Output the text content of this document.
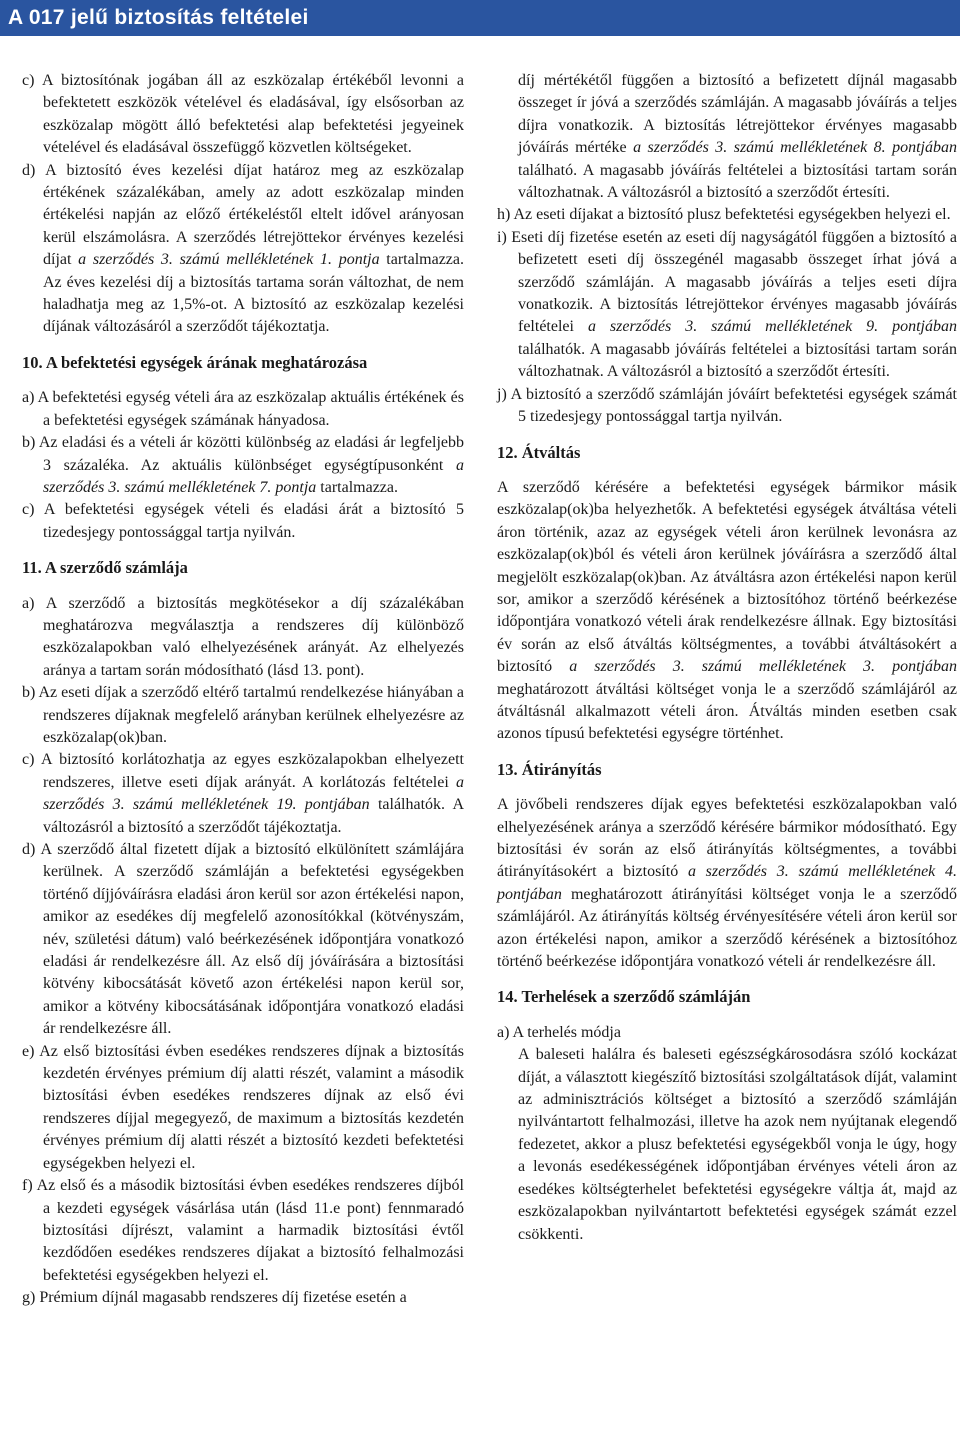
A 017 jelű biztosítás feltételei

c) A biztosítónak jogában áll az eszközalap értékéből levonni a befektetett eszközök vételével és eladásával, így elsősorban az eszközalap mögött álló befektetési alap befektetési jegyeinek vételével és eladásával összefüggő közvetlen költségeket.

d) A biztosító éves kezelési díjat határoz meg az eszközalap értékének százalékában, amely az adott eszközalap minden értékelési napján az előző értékeléstől eltelt idővel arányosan kerül elszámolásra. A szerződés létrejöttekor érvényes kezelési díjat a szerződés 3. számú mellékletének 1. pontja tartalmazza. Az éves kezelési díj a biztosítás tartama során változhat, de nem haladhatja meg az 1,5%-ot. A biztosító az eszközalap kezelési díjának változásáról a szerződőt tájékoztatja.

10. A befektetési egységek árának meghatározása

a) A befektetési egység vételi ára az eszközalap aktuális értékének és a befektetési egységek számának hányadosa.

b) Az eladási és a vételi ár közötti különbség az eladási ár legfeljebb 3 százaléka. Az aktuális különbséget egységtípusonként a szerződés 3. számú mellékletének 7. pontja tartalmazza.

c) A befektetési egységek vételi és eladási árát a biztosító 5 tizedesjegy pontossággal tartja nyilván.

11. A szerződő számlája

a) A szerződő a biztosítás megkötésekor a díj százalékában meghatározva megválasztja a rendszeres díj különböző eszközalapokban való elhelyezésének arányát. Az elhelyezés aránya a tartam során módosítható (lásd 13. pont).

b) Az eseti díjak a szerződő eltérő tartalmú rendelkezése hiányában a rendszeres díjaknak megfelelő arányban kerülnek elhelyezésre az eszközalap(ok)ban.

c) A biztosító korlátozhatja az egyes eszközalapokban elhelyezett rendszeres, illetve eseti díjak arányát. A korlátozás feltételei a szerződés 3. számú mellékletének 19. pontjában találhatók. A változásról a biztosító a szerződőt tájékoztatja.

d) A szerződő által fizetett díjak a biztosító elkülönített számlájára kerülnek. A szerződő számláján a befektetési egységekben történő díjjóváírásra eladási áron kerül sor azon értékelési napon, amikor az esedékes díj megfelelő azonosítókkal (kötvényszám, név, születési dátum) való beérkezésének időpontjára vonatkozó eladási ár rendelkezésre áll. Az első díj jóváírására a biztosítási kötvény kibocsátását követő azon értékelési napon kerül sor, amikor a kötvény kibocsátásának időpontjára vonatkozó eladási ár rendelkezésre áll.

e) Az első biztosítási évben esedékes rendszeres díjnak a biztosítás kezdetén érvényes prémium díj alatti részét, valamint a második biztosítási évben esedékes rendszeres díjnak az első évi rendszeres díjjal megegyező, de maximum a biztosítás kezdetén érvényes prémium díj alatti részét a biztosító kezdeti befektetési egységekben helyezi el.

f) Az első és a második biztosítási évben esedékes rendszeres díjból a kezdeti egységek vásárlása után (lásd 11.e pont) fennmaradó biztosítási díjrészt, valamint a harmadik biztosítási évtől kezdődően esedékes rendszeres díjakat a biztosító felhalmozási befektetési egységekben helyezi el.

g) Prémium díjnál magasabb rendszeres díj fizetése esetén a

díj mértékétől függően a biztosító a befizetett díjnál magasabb összeget ír jóvá a szerződés számláján. A magasabb jóváírás a teljes díjra vonatkozik. A biztosítás létrejöttekor érvényes magasabb jóváírás mértéke a szerződés 3. számú mellékletének 8. pontjában található. A magasabb jóváírás feltételei a biztosítási tartam során változhatnak. A változásról a biztosító a szerződőt értesíti.

h) Az eseti díjakat a biztosító plusz befektetési egységekben helyezi el.

i) Eseti díj fizetése esetén az eseti díj nagyságától függően a biztosító a befizetett eseti díj összegénél magasabb összeget írhat jóvá a szerződő számláján. A magasabb jóváírás a teljes eseti díjra vonatkozik. A biztosítás létrejöttekor érvényes magasabb jóváírás feltételei a szerződés 3. számú mellékletének 9. pontjában találhatók. A magasabb jóváírás feltételei a biztosítási tartam során változhatnak. A változásról a biztosító a szerződőt értesíti.

j) A biztosító a szerződő számláján jóváírt befektetési egységek számát 5 tizedesjegy pontossággal tartja nyilván.

12. Átváltás

A szerződő kérésére a befektetési egységek bármikor másik eszközalap(ok)ba helyezhetők. A befektetési egységek átváltása vételi áron történik, azaz az egységek vételi áron kerülnek levonásra az eszközalap(ok)ból és vételi áron kerülnek jóváírásra a szerződő által megjelölt eszközalap(ok)ban. Az átváltásra azon értékelési napon kerül sor, amikor a szerződő kérésének a biztosítóhoz történő beérkezése időpontjára vonatkozó vételi árak rendelkezésre állnak. Egy biztosítási év során az első átváltás költségmentes, a további átváltásokért a biztosító a szerződés 3. számú mellékletének 3. pontjában meghatározott átváltási költséget vonja le a szerződő számlájáról az átváltásnál alkalmazott vételi áron. Átváltás minden esetben csak azonos típusú befektetési egységre történhet.

13. Átirányítás

A jövőbeli rendszeres díjak egyes befektetési eszközalapokban való elhelyezésének aránya a szerződő kérésére bármikor módosítható. Egy biztosítási év során az első átirányítás költségmentes, a további átirányításokért a biztosító a szerződés 3. számú mellékletének 4. pontjában meghatározott átirányítási költséget vonja le a szerződő számlájáról. Az átirányítás költség érvényesítésére vételi áron kerül sor azon értékelési napon, amikor a szerződő kérésének a biztosítóhoz történő beérkezése időpontjára vonatkozó vételi ár rendelkezésre áll.

14. Terhelések a szerződő számláján

a) A terhelés módja

A baleseti halálra és baleseti egészségkárosodásra szóló kockázat díját, a választott kiegészítő biztosítási szolgáltatások díját, valamint az adminisztrációs költséget a biztosító a szerződő számláján nyilvántartott felhalmozási, illetve ha azok nem nyújtanak elegendő fedezetet, akkor a plusz befektetési egységekből vonja le úgy, hogy a levonás esedékességének időpontjában érvényes vételi áron az esedékes költségterhelet befektetési egységekre váltja át, majd az eszközalapokban nyilvántartott befektetési egységek számát ezzel csökkenti.
